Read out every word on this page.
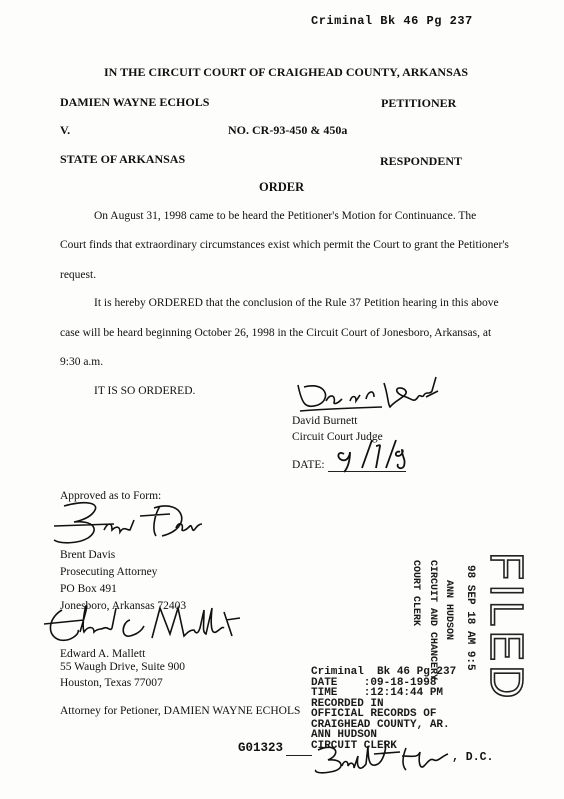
Criminal Bk 46 Pg 237
IN THE CIRCUIT COURT OF CRAIGHEAD COUNTY, ARKANSAS
DAMIEN WAYNE ECHOLS	PETITIONER
V.	NO. CR-93-450 & 450a
STATE OF ARKANSAS	RESPONDENT
ORDER
On August 31, 1998 came to be heard the Petitioner's Motion for Continuance. The
Court finds that extraordinary circumstances exist which permit the Court to grant the Petitioner's
request.
It is hereby ORDERED that the conclusion of the Rule 37 Petition hearing in this above
case will be heard beginning October 26, 1998 in the Circuit Court of Jonesboro, Arkansas, at
9:30 a.m.
IT IS SO ORDERED.
David Burnett
Circuit Court Judge
DATE:
Approved as to Form:
Brent Davis
Prosecuting Attorney
PO Box 491
Jonesboro, Arkansas 72403
Edward A. Mallett
55 Waugh Drive, Suite 900
Houston, Texas 77007
Attorney for Petioner, DAMIEN WAYNE ECHOLS
COURT CLERK CIRCUIT AND CHANCERY ANN HUDSON 98 SEP 18 AM 9:5 FILED
Criminal  Bk 46 Pg 237
DATE    :09-18-1998
TIME    :12:14:44 PM
RECORDED IN
OFFICIAL RECORDS OF
CRAIGHEAD COUNTY, AR.
ANN HUDSON
CIRCUIT CLERK
G01323
, D.C.
